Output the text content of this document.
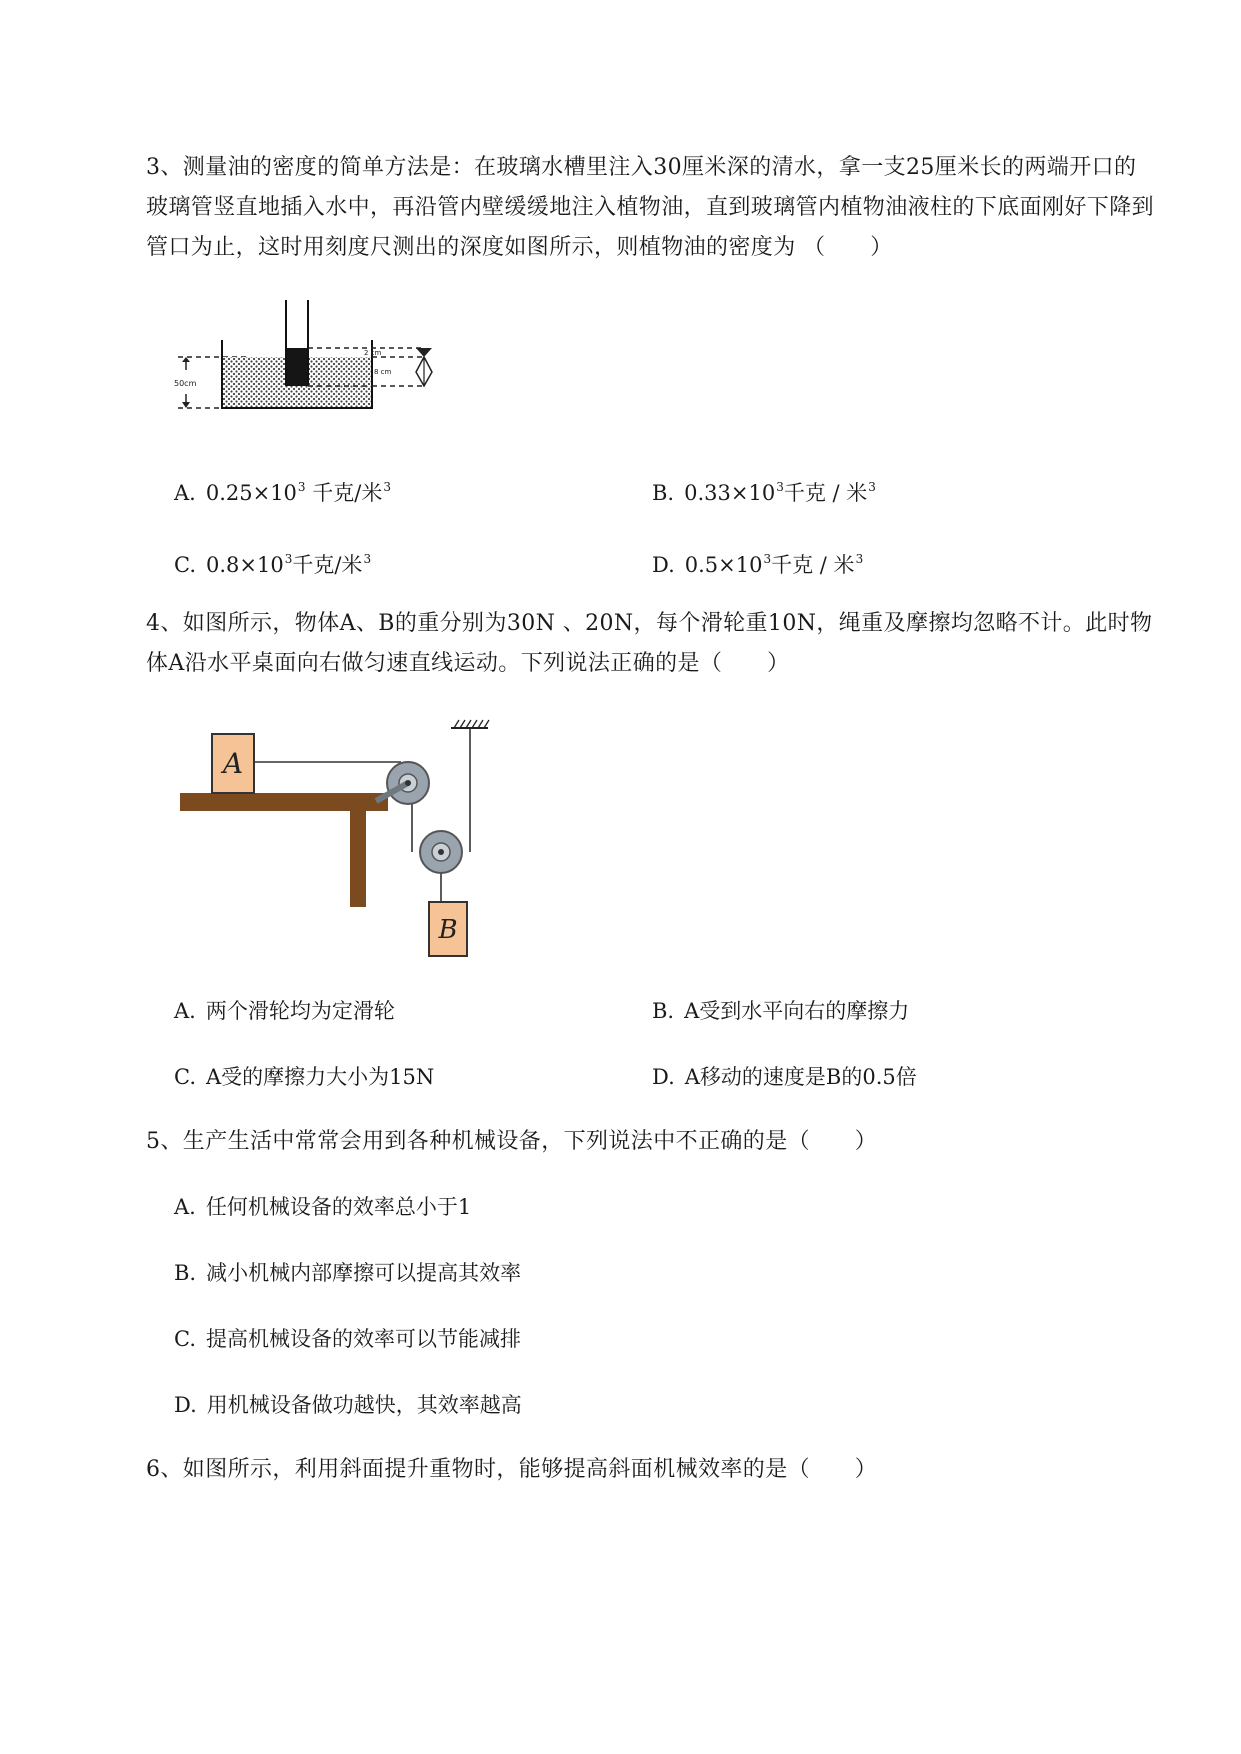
3、测量油的密度的简单方法是：在玻璃水槽里注入30厘米深的清水，拿一支25厘米长的两端开口的玻璃管竖直地插入水中，再沿管内壁缓缓地注入植物油，直到玻璃管内植物油液柱的下底面刚好下降到管口为止，这时用刻度尺测出的深度如图所示，则植物油的密度为 （　　）
50cm
2 cm
8 cm
A. $0.25\times 10^3$ 千克/米$^3$	B. $0.33\times 10^3$千克 / 米$^3$
C. $0.8\times 10^3$千克/米$^3$	D. $0.5\times 10^3$千克 / 米$^3$
4、如图所示，物体A、B的重分别为30N 、20N，每个滑轮重10N，绳重及摩擦均忽略不计。此时物体A沿水平桌面向右做匀速直线运动。下列说法正确的是（　　）
A
B
A. 两个滑轮均为定滑轮	B. A受到水平向右的摩擦力
C. A受的摩擦力大小为15N	D. A移动的速度是B的0.5倍
5、生产生活中常常会用到各种机械设备，下列说法中不正确的是（　　）
A. 任何机械设备的效率总小于1
B. 减小机械内部摩擦可以提高其效率
C. 提高机械设备的效率可以节能减排
D. 用机械设备做功越快，其效率越高
6、如图所示，利用斜面提升重物时，能够提高斜面机械效率的是（　　）
